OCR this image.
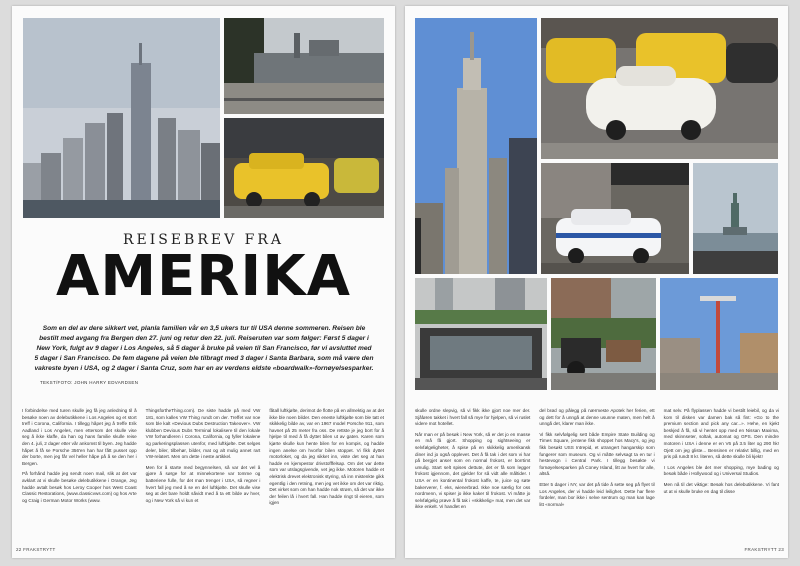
REISEBREV FRA
AMERIKA
Som en del av dere sikkert vet, planla familien vår en 3,5 ukers tur til USA denne sommeren. Reisen ble bestilt med avgang fra Bergen den 27. juni og retur den 22. juli. Reiseruten var som følger: Først 5 dager i New York, fulgt av 9 dager i Los Angeles, så 5 dager å bruke på veien til San Francisco, før vi avsluttet med 5 dager i San Francisco. De fem dagene på veien ble tilbragt med 3 dager i Santa Barbara, som må være den vakreste byen i USA, og 2 dager i Santa Cruz, som har en av verdens eldste «boardwalk»-fornøyelsesparker.
TEKST/FOTO: JOHN HARRY EDVARDSEN

I forbindelse med turen skulle jeg få jeg anledning til å besøke noen av delebutikkene i Los Angeles og et stort treff i Corona, California. I tillegg håpet jeg å treffe Erik Aadland i Los Angeles, men ettersom det skulle vise seg å ikke klaffe, da han og hans familie skulle reise den 4. juli, 2 dager etter vår ankomst til byen. Jeg hadde håpet å få se Porsche 356'en han har fått pusset opp der borte, men jeg får vel heller håpe på å se den her i Bergen.

På forhånd hadde jeg sendt noen mail, slik at det var avklart at vi skulle besøke delebutikkene i Orange, Jeg hadde avtalt besøk hos Leroy Cooper hos West Coast Classic Restorations, (www.classicvws.com) og hos Arte og Craig i German Motor Works (www.

ThingsfortheThing.com). De siste hadde på med VW 181, som kalles VW Thing rundt om der. Treffet var noe som ble kalt «Devious Dubs Destruction Takeover». VW klubben Devious Dubs Terminal lokalisere til den lokale VW forhandleren i Corona, California, og fyller lokalene og parkeringsplassen utenfor, med luftkjølte. Det selges deler, biler, tilbehør, bilder, mat og alt mulig annet rart VW-relatert. Men om dette i neste artikkel.

Men for å starte med begynnelsen, så var det vel å gjøre å sørge for at minnekortene var tomme og batteriene fulle, for det man trenger i USA, så regner i hvert fall jeg med å se en del luftkjølte. Det skulle vise seg at det bare holdt såvidt med å ta ett bilde av hver, og i New York så vi kun et

fåtall luftkjølte, derimot de flotte på en allmektig av at det ikke ble noen bilder. Den eneste luftkjølte som ble tatt et skikkelig bilde av, var en 1967 model Porsche 911, som havnet på 25 meter fra oss. De rettste je jeg bort for å hjelpe til med å få dyttet bilen ut av gaten. Karen som kjørte skulle kun hente bilen for en kompis, og hadde ingen anelse om hvorfor bilen stoppet. Vi fikk dyttet motorloket, og da jeg sikket inn, viste det seg at han hadde en kjempestor drivstofffelsap. Om det var dette som var utslagsgivende, vet jeg ikke. Motoren hadde et elektrisk drevet elektronisk styring, så inn mistenkte gikk egentlig i den retning, men jeg vet ikke om det var riktig. Det virket som om han hadde nok strøm, så det var ikke der feilen lå i hvert fall. Han hadde ringt til eieren, som igjen

22 FRAKSTRYTT

skulle ordne slepvig, så vi fikk ikke gjort noe mer der. Sjåføren takket i hvert fall så mye for hjelpen, så vi ruslet videre mot hotellet.

Når man er på besøk i New York, så er det jo en masse en må få gjort. Shopping og sightseeing er selvfølgeligheter, å spise på en skikkelig amerikansk diner ind jo også opplevet. Det å få tak i det som vi har på bergjet anser som en normal frokost, er borrtimt umulig. Start selt spises dettute, det er få som legger frokost igjennom, det gjelder for så vidt alle måltider. I USA er en kontinental frokost kaffe, te, juice og søte bakerverer, f. eks, wienerbrød. Ikke noe særlig for oss nordmenn, vi spiser jo ikke kaker til frokost. Vi måtte jo selvfølgelig prøve å få tak i «skikkelig» mat, men det var ikke enkelt. Vi handlet en

del brød og pålegg på nærmeste Apotek her ferien, ett og dett for å unngå at denne usunne maten, men helt å unngå det, klarer man ikke.

Vi fikk selvfølgelig sett både Empire State Building og Times Square, jentene fikk shoppet hos Macy's, og jeg fikk besøkt USS Intrepid, et utrangert hangarskip som fungerer som museum. Og vi måtte selvsagt ta en tur i hestevogn i Central Park. I tillegg besøkte vi fornøyelsesparken på Coney Island, litt av hvert for alle, altså.

Etter 5 dager i NY, var det på tide å sette seg på flyet til Los Angeles, der vi hadde leid leilighet. Dette har flere fordeler, man bor ikke i selve sentrum og man kan lage litt «normal»

mat selv. På flyplassen hadde vi bestilt leiebil, og da vi kom til disken var damen bak så fint: «Go to the premium section and pick any car...». Hehe, en kjekt beskjed å få, så vi hentet opp med en Nissan Maxima, med skinnseter, soltak, automat og GPS. Den mindre motoren i USA i denne er en V6 på 3.5 liter og 290 hk! Ojett om jeg gliste... Bensinen er relativt billig, med en pris på rundt 8 kr. literen, så dette skulle bli kjekt!

I Los Angeles ble det mer shopping, mye bading og besøk både i Hollywood og i Universal Studios.

Men nå til det viktige: Besøk hos delebutikkene. Vi fant ut at vi skulle bruke en dag til disse

FRAKSTRYTT 23
